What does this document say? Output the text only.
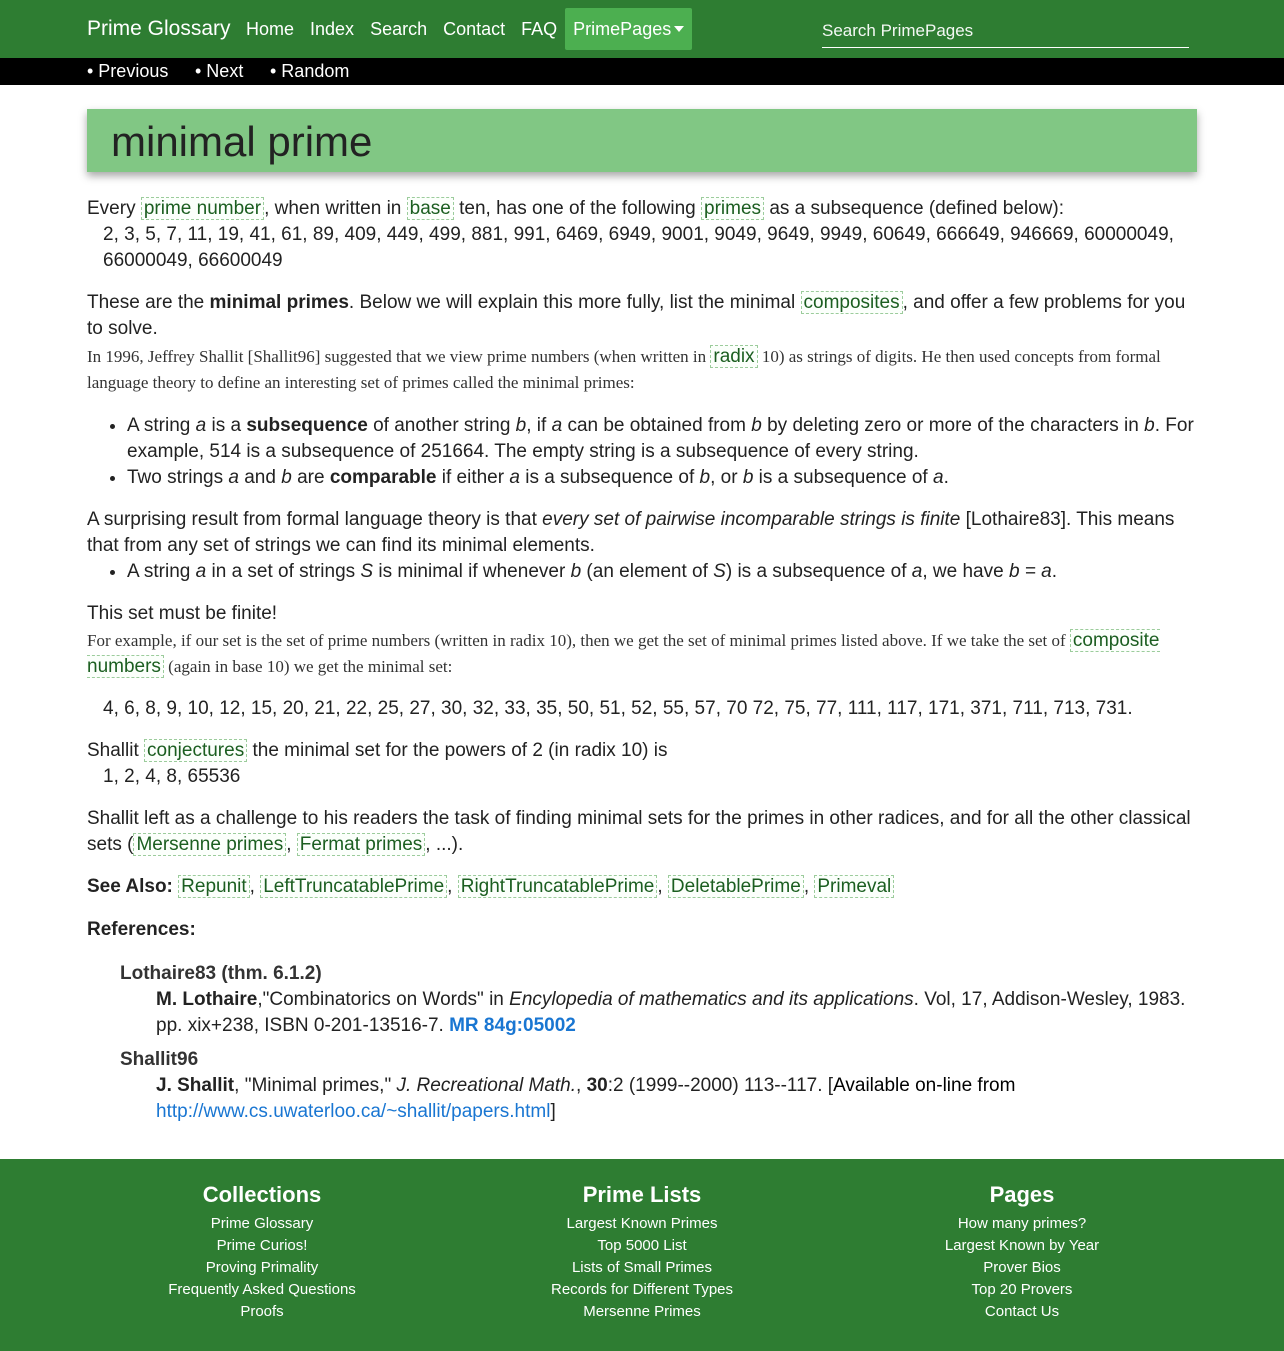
Prime Glossary Home Index Search Contact FAQ PrimePages
Search PrimePages
• Previous • Next • Random
minimal prime

Every prime number , when written in base ten, has one of the following primes as a subsequence (defined below):

2, 3, 5, 7, 11, 19, 41, 61, 89, 409, 449, 499, 881, 991, 6469, 6949, 9001, 9049, 9649, 9949, 60649, 666649, 946669, 60000049, 66000049, 66600049

These are the minimal primes. Below we will explain this more fully, list the minimal composites , and offer a few problems for you to solve.

In 1996, Jeffrey Shallit [Shallit96] suggested that we view prime numbers (when written in radix 10) as strings of digits. He then used concepts from formal language theory to define an interesting set of primes called the minimal primes:

• A string a is a subsequence of another string b, if a can be obtained from b by deleting zero or more of the characters in b. For example, 514 is a subsequence of 251664. The empty string is a subsequence of every string.
• Two strings a and b are comparable if either a is a subsequence of b, or b is a subsequence of a.

A surprising result from formal language theory is that every set of pairwise incomparable strings is finite [Lothaire83]. This means that from any set of strings we can find its minimal elements.

• A string a in a set of strings S is minimal if whenever b (an element of S) is a subsequence of a, we have b = a.

This set must be finite!

For example, if our set is the set of prime numbers (written in radix 10), then we get the set of minimal primes listed above. If we take the set of composite numbers (again in base 10) we get the minimal set:

4, 6, 8, 9, 10, 12, 15, 20, 21, 22, 25, 27, 30, 32, 33, 35, 50, 51, 52, 55, 57, 70 72, 75, 77, 111, 117, 171, 371, 711, 713, 731.

Shallit conjectures the minimal set for the powers of 2 (in radix 10) is

1, 2, 4, 8, 65536

Shallit left as a challenge to his readers the task of finding minimal sets for the primes in other radices, and for all the other classical sets ( Mersenne primes , Fermat primes , ...).

See Also: Repunit , LeftTruncatablePrime , RightTruncatablePrime , DeletablePrime , Primeval

References:

Lothaire83 (thm. 6.1.2)
M. Lothaire,"Combinatorics on Words" in Encylopedia of mathematics and its applications. Vol, 17, Addison-Wesley, 1983. pp. xix+238, ISBN 0-201-13516-7. MR 84g:05002
Shallit96
J. Shallit, "Minimal primes," J. Recreational Math., 30:2 (1999--2000) 113--117. [Available on-line from http://www.cs.uwaterloo.ca/~shallit/papers.html]
Collections
Prime Glossary
Prime Curios!
Proving Primality
Frequently Asked Questions
Proofs
Prime Lists
Largest Known Primes
Top 5000 List
Lists of Small Primes
Records for Different Types
Mersenne Primes
Pages
How many primes?
Largest Known by Year
Prover Bios
Top 20 Provers
Contact Us
